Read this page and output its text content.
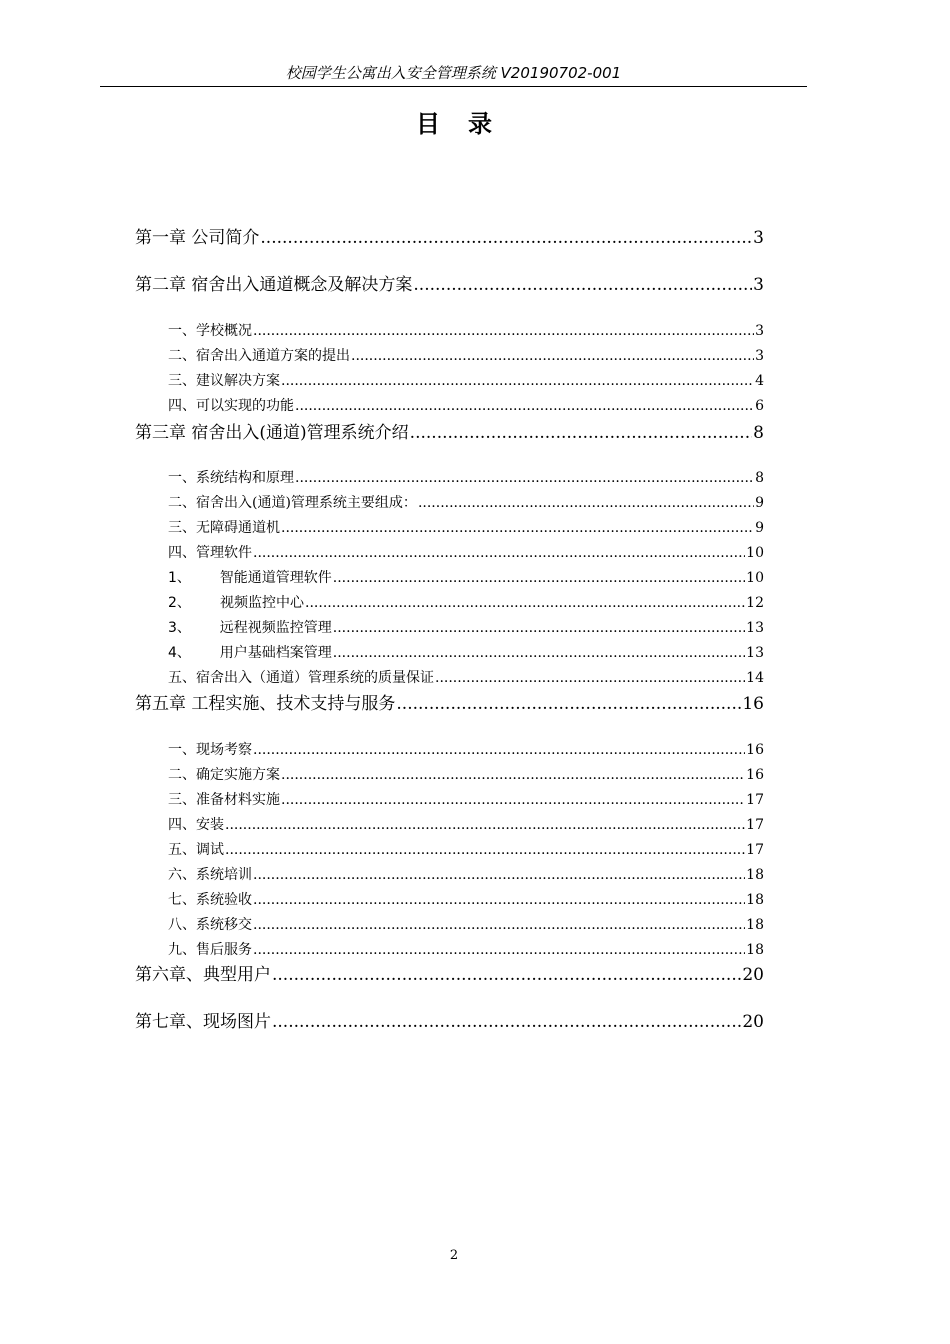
校园学生公寓出入安全管理系统 V20190702-001
目录
第一章 公司简介 .....	3
第二章 宿舍出入通道概念及解决方案 .....	3
一、学校概况 .....	3
二、宿舍出入通道方案的提出 .....	3
三、建议解决方案 .....	4
四、可以实现的功能 .....	6
第三章 宿舍出入(通道)管理系统介绍 .....	8
一、系统结构和原理 .....	8
二、宿舍出入(通道)管理系统主要组成： .....	9
三、无障碍通道机 .....	9
四、管理软件 .....	10
1、	智能通道管理软件 .....	10
2、	视频监控中心 .....	12
3、	远程视频监控管理 .....	13
4、	用户基础档案管理 .....	13
五、宿舍出入（通道）管理系统的质量保证 .....	14
第五章 工程实施、技术支持与服务 .....	16
一、现场考察 .....	16
二、确定实施方案 .....	16
三、准备材料实施 .....	17
四、安装 .....	17
五、调试 .....	17
六、系统培训 .....	18
七、系统验收 .....	18
八、系统移交 .....	18
九、售后服务 .....	18
第六章、典型用户 .....	20
第七章、现场图片 .....	20
2
